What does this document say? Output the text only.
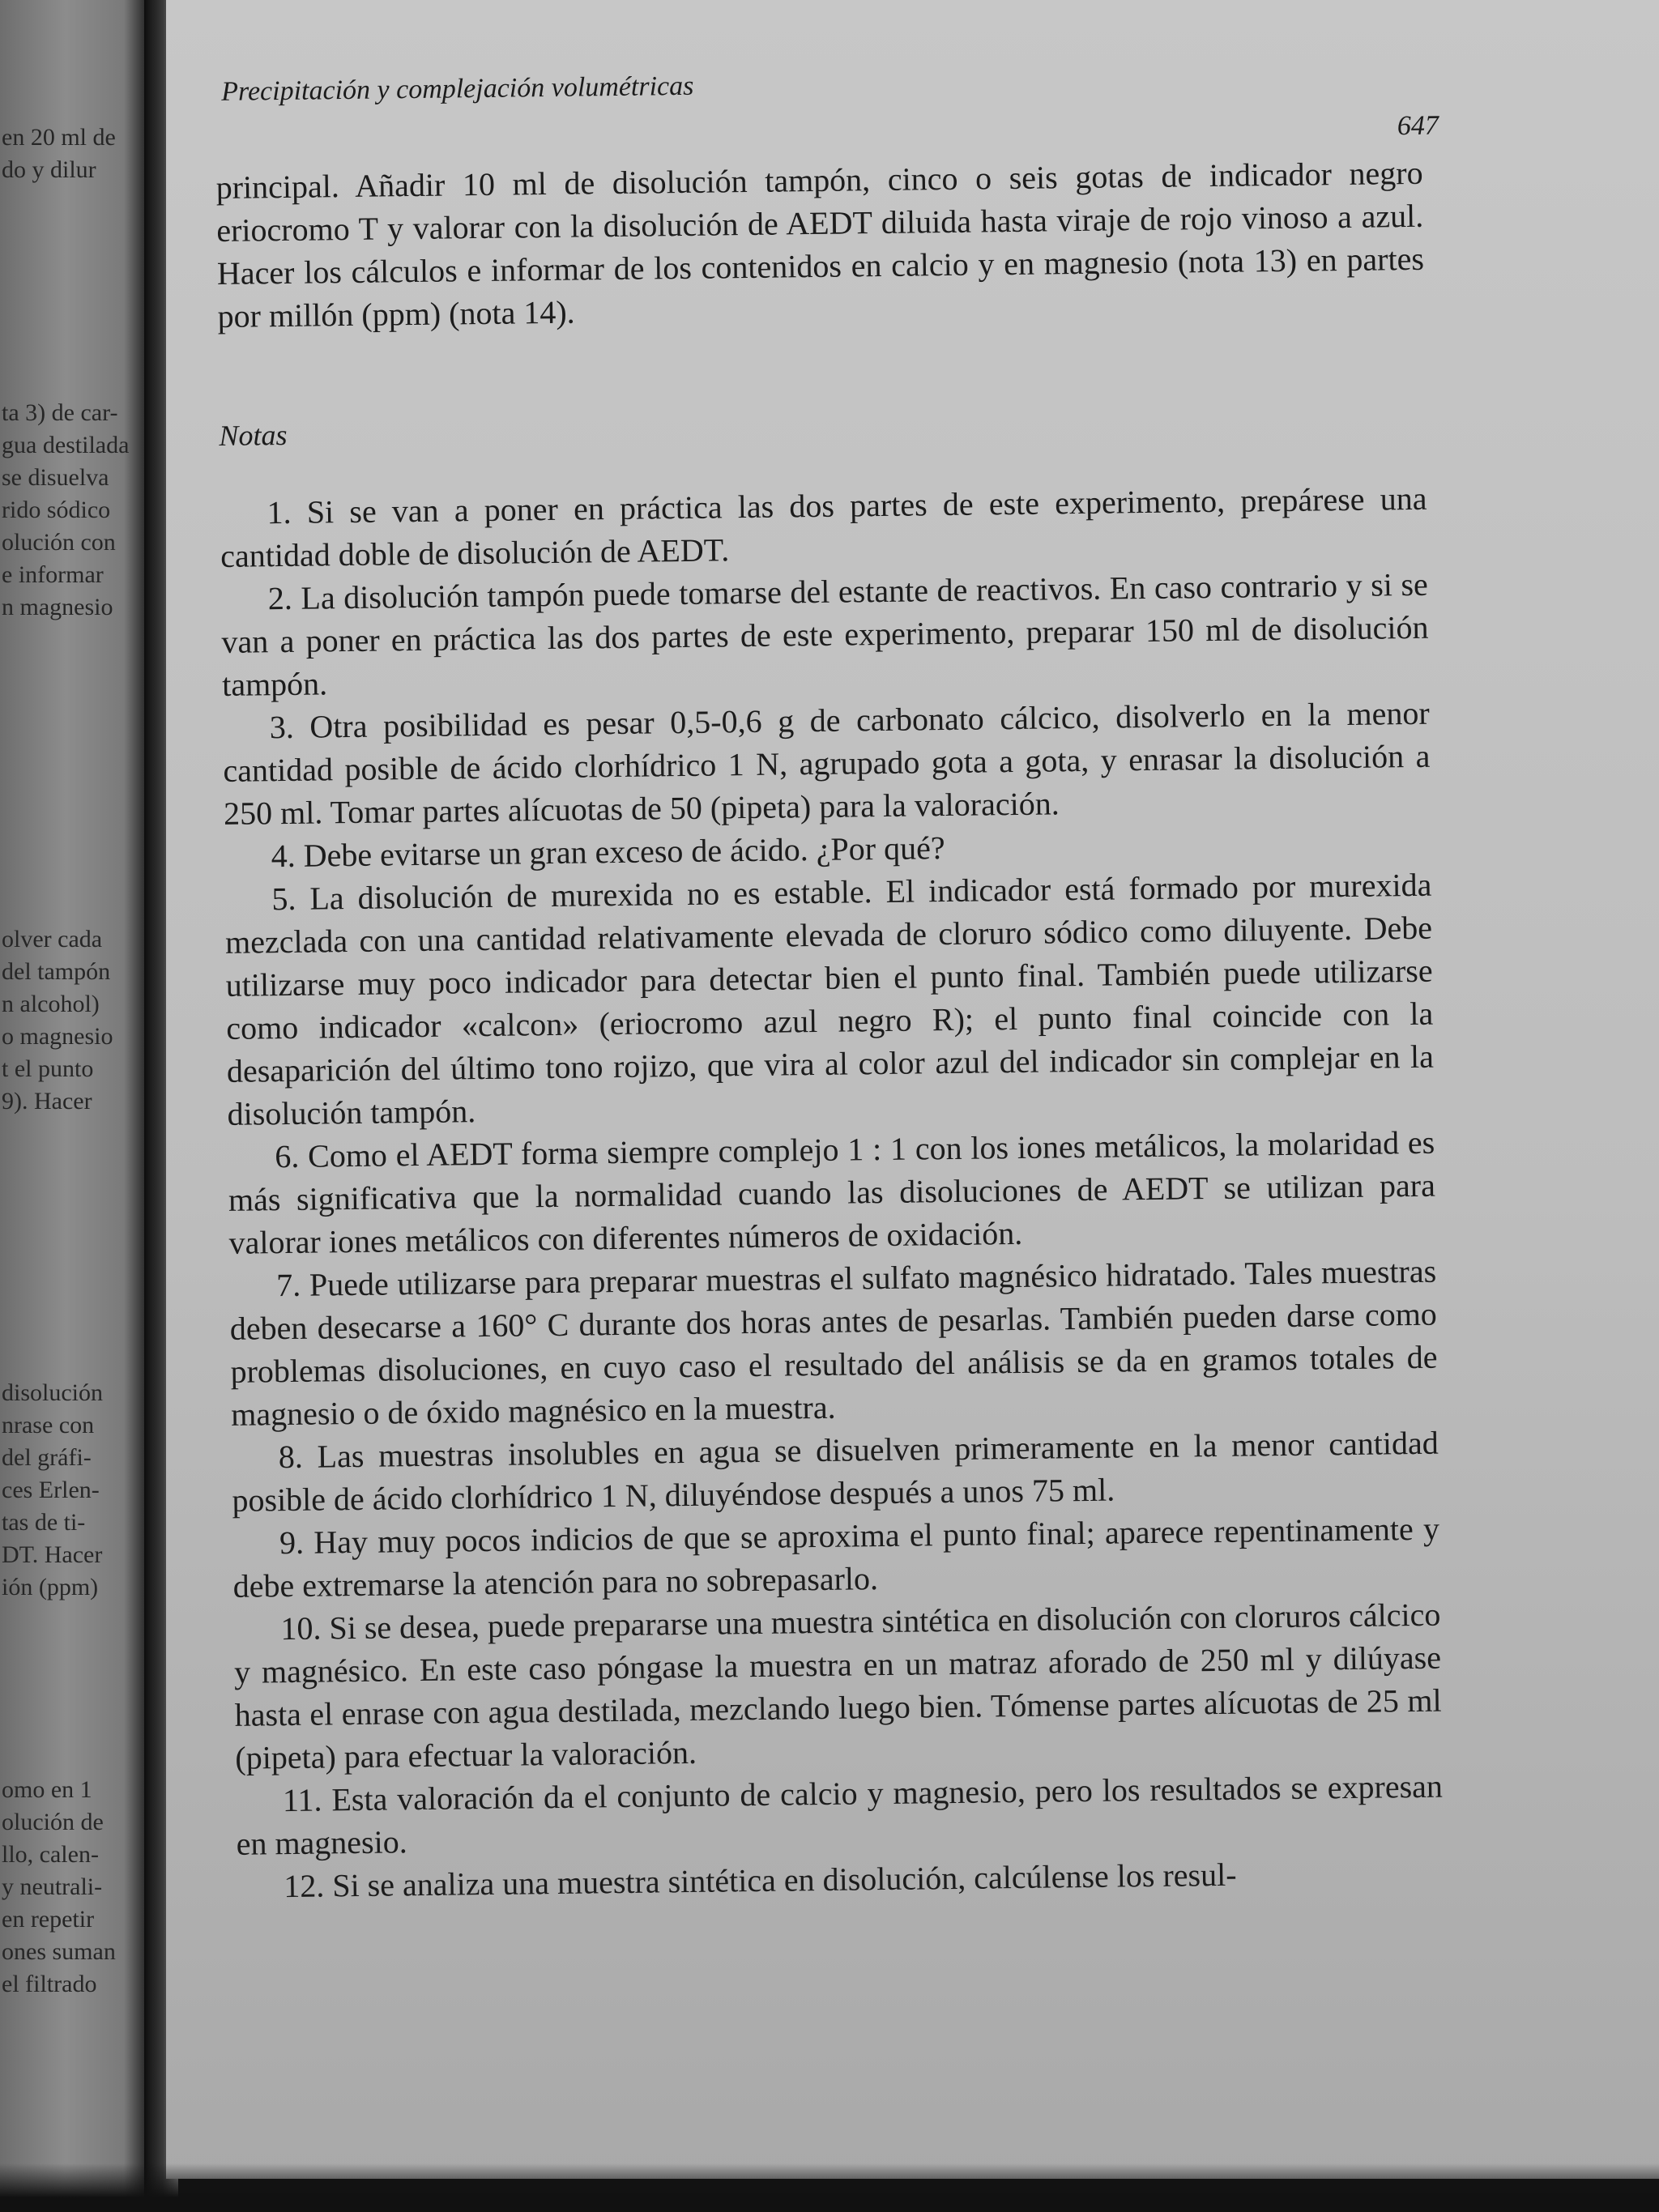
en 20 ml de
do y dilur
ta 3) de car-
gua destilada
se disuelva
rido sódico
olución con
e informar
n magnesio
olver cada
del tampón
n alcohol)
o magnesio
t el punto
9). Hacer
disolución
nrase con
del gráfi-
ces Erlen-
tas de ti-
DT. Hacer
ión (ppm)
omo en 1
olución de
llo, calen-
y neutrali-
en repetir
ones suman
el filtrado
Precipitación y complejación volumétricas
647

principal. Añadir 10 ml de disolución tampón, cinco o seis gotas de indicador negro eriocromo T y valorar con la disolución de AEDT diluida hasta viraje de rojo vinoso a azul. Hacer los cálculos e informar de los contenidos en calcio y en magnesio (nota 13) en partes por millón (ppm) (nota 14).

Notas

1. Si se van a poner en práctica las dos partes de este experimento, prepárese una cantidad doble de disolución de AEDT.

2. La disolución tampón puede tomarse del estante de reactivos. En caso contrario y si se van a poner en práctica las dos partes de este experimento, preparar 150 ml de disolución tampón.

3. Otra posibilidad es pesar 0,5-0,6 g de carbonato cálcico, disolverlo en la menor cantidad posible de ácido clorhídrico 1 N, agrupado gota a gota, y enrasar la disolución a 250 ml. Tomar partes alícuotas de 50 (pipeta) para la valoración.

4. Debe evitarse un gran exceso de ácido. ¿Por qué?

5. La disolución de murexida no es estable. El indicador está formado por murexida mezclada con una cantidad relativamente elevada de cloruro sódico como diluyente. Debe utilizarse muy poco indicador para detectar bien el punto final. También puede utilizarse como indicador «calcon» (eriocromo azul negro R); el punto final coincide con la desaparición del último tono rojizo, que vira al color azul del indicador sin complejar en la disolución tampón.

6. Como el AEDT forma siempre complejo 1 : 1 con los iones metálicos, la molaridad es más significativa que la normalidad cuando las disoluciones de AEDT se utilizan para valorar iones metálicos con diferentes números de oxidación.

7. Puede utilizarse para preparar muestras el sulfato magnésico hidratado. Tales muestras deben desecarse a 160° C durante dos horas antes de pesarlas. También pueden darse como problemas disoluciones, en cuyo caso el resultado del análisis se da en gramos totales de magnesio o de óxido magnésico en la muestra.

8. Las muestras insolubles en agua se disuelven primeramente en la menor cantidad posible de ácido clorhídrico 1 N, diluyéndose después a unos 75 ml.

9. Hay muy pocos indicios de que se aproxima el punto final; aparece repentinamente y debe extremarse la atención para no sobrepasarlo.

10. Si se desea, puede prepararse una muestra sintética en disolución con cloruros cálcico y magnésico. En este caso póngase la muestra en un matraz aforado de 250 ml y dilúyase hasta el enrase con agua destilada, mezclando luego bien. Tómense partes alícuotas de 25 ml (pipeta) para efectuar la valoración.

11. Esta valoración da el conjunto de calcio y magnesio, pero los resultados se expresan en magnesio.

12. Si se analiza una muestra sintética en disolución, calcúlense los resul-
